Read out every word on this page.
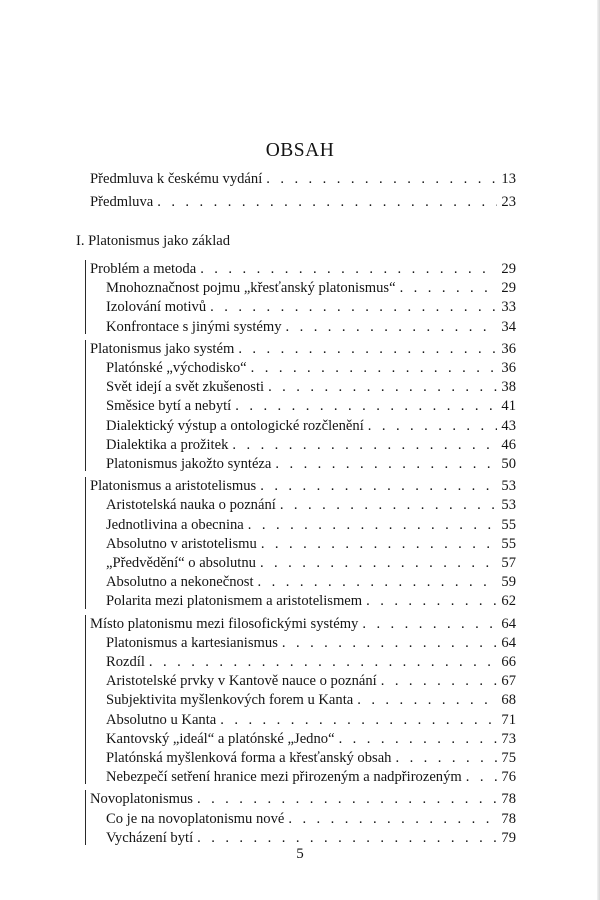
OBSAH
I. Platonismus jako základ
Předmluva k českému vydání . . .	13
Předmluva . . .	23
Problém a metoda . . .	29
Mnohoznačnost pojmu „křesťanský platonismus“ . . .	29
Izolování motivů . . .	33
Konfrontace s jinými systémy . . .	34
Platonismus jako systém . . .	36
Platónské „východisko“ . . .	36
Svět idejí a svět zkušenosti . . .	38
Směsice bytí a nebytí . . .	41
Dialektický výstup a ontologické rozčlenění . . .	43
Dialektika a prožitek . . .	46
Platonismus jakožto syntéza . . .	50
Platonismus a aristotelismus . . .	53
Aristotelská nauka o poznání . . .	53
Jednotlivina a obecnina . . .	55
Absolutno v aristotelismu . . .	55
„Předvědění“ o absolutnu . . .	57
Absolutno a nekonečnost . . .	59
Polarita mezi platonismem a aristotelismem . . .	62
Místo platonismu mezi filosofickými systémy . . .	64
Platonismus a kartesianismus . . .	64
Rozdíl . . .	66
Aristotelské prvky v Kantově nauce o poznání . . .	67
Subjektivita myšlenkových forem u Kanta . . .	68
Absolutno u Kanta . . .	71
Kantovský „ideál“ a platónské „Jedno“ . . .	73
Platónská myšlenková forma a křesťanský obsah . . .	75
Nebezpečí setření hranice mezi přirozeným a nadpřirozeným . . .	76
Novoplatonismus . . .	78
Co je na novoplatonismu nové . . .	78
Vycházení bytí . . .	79
5
